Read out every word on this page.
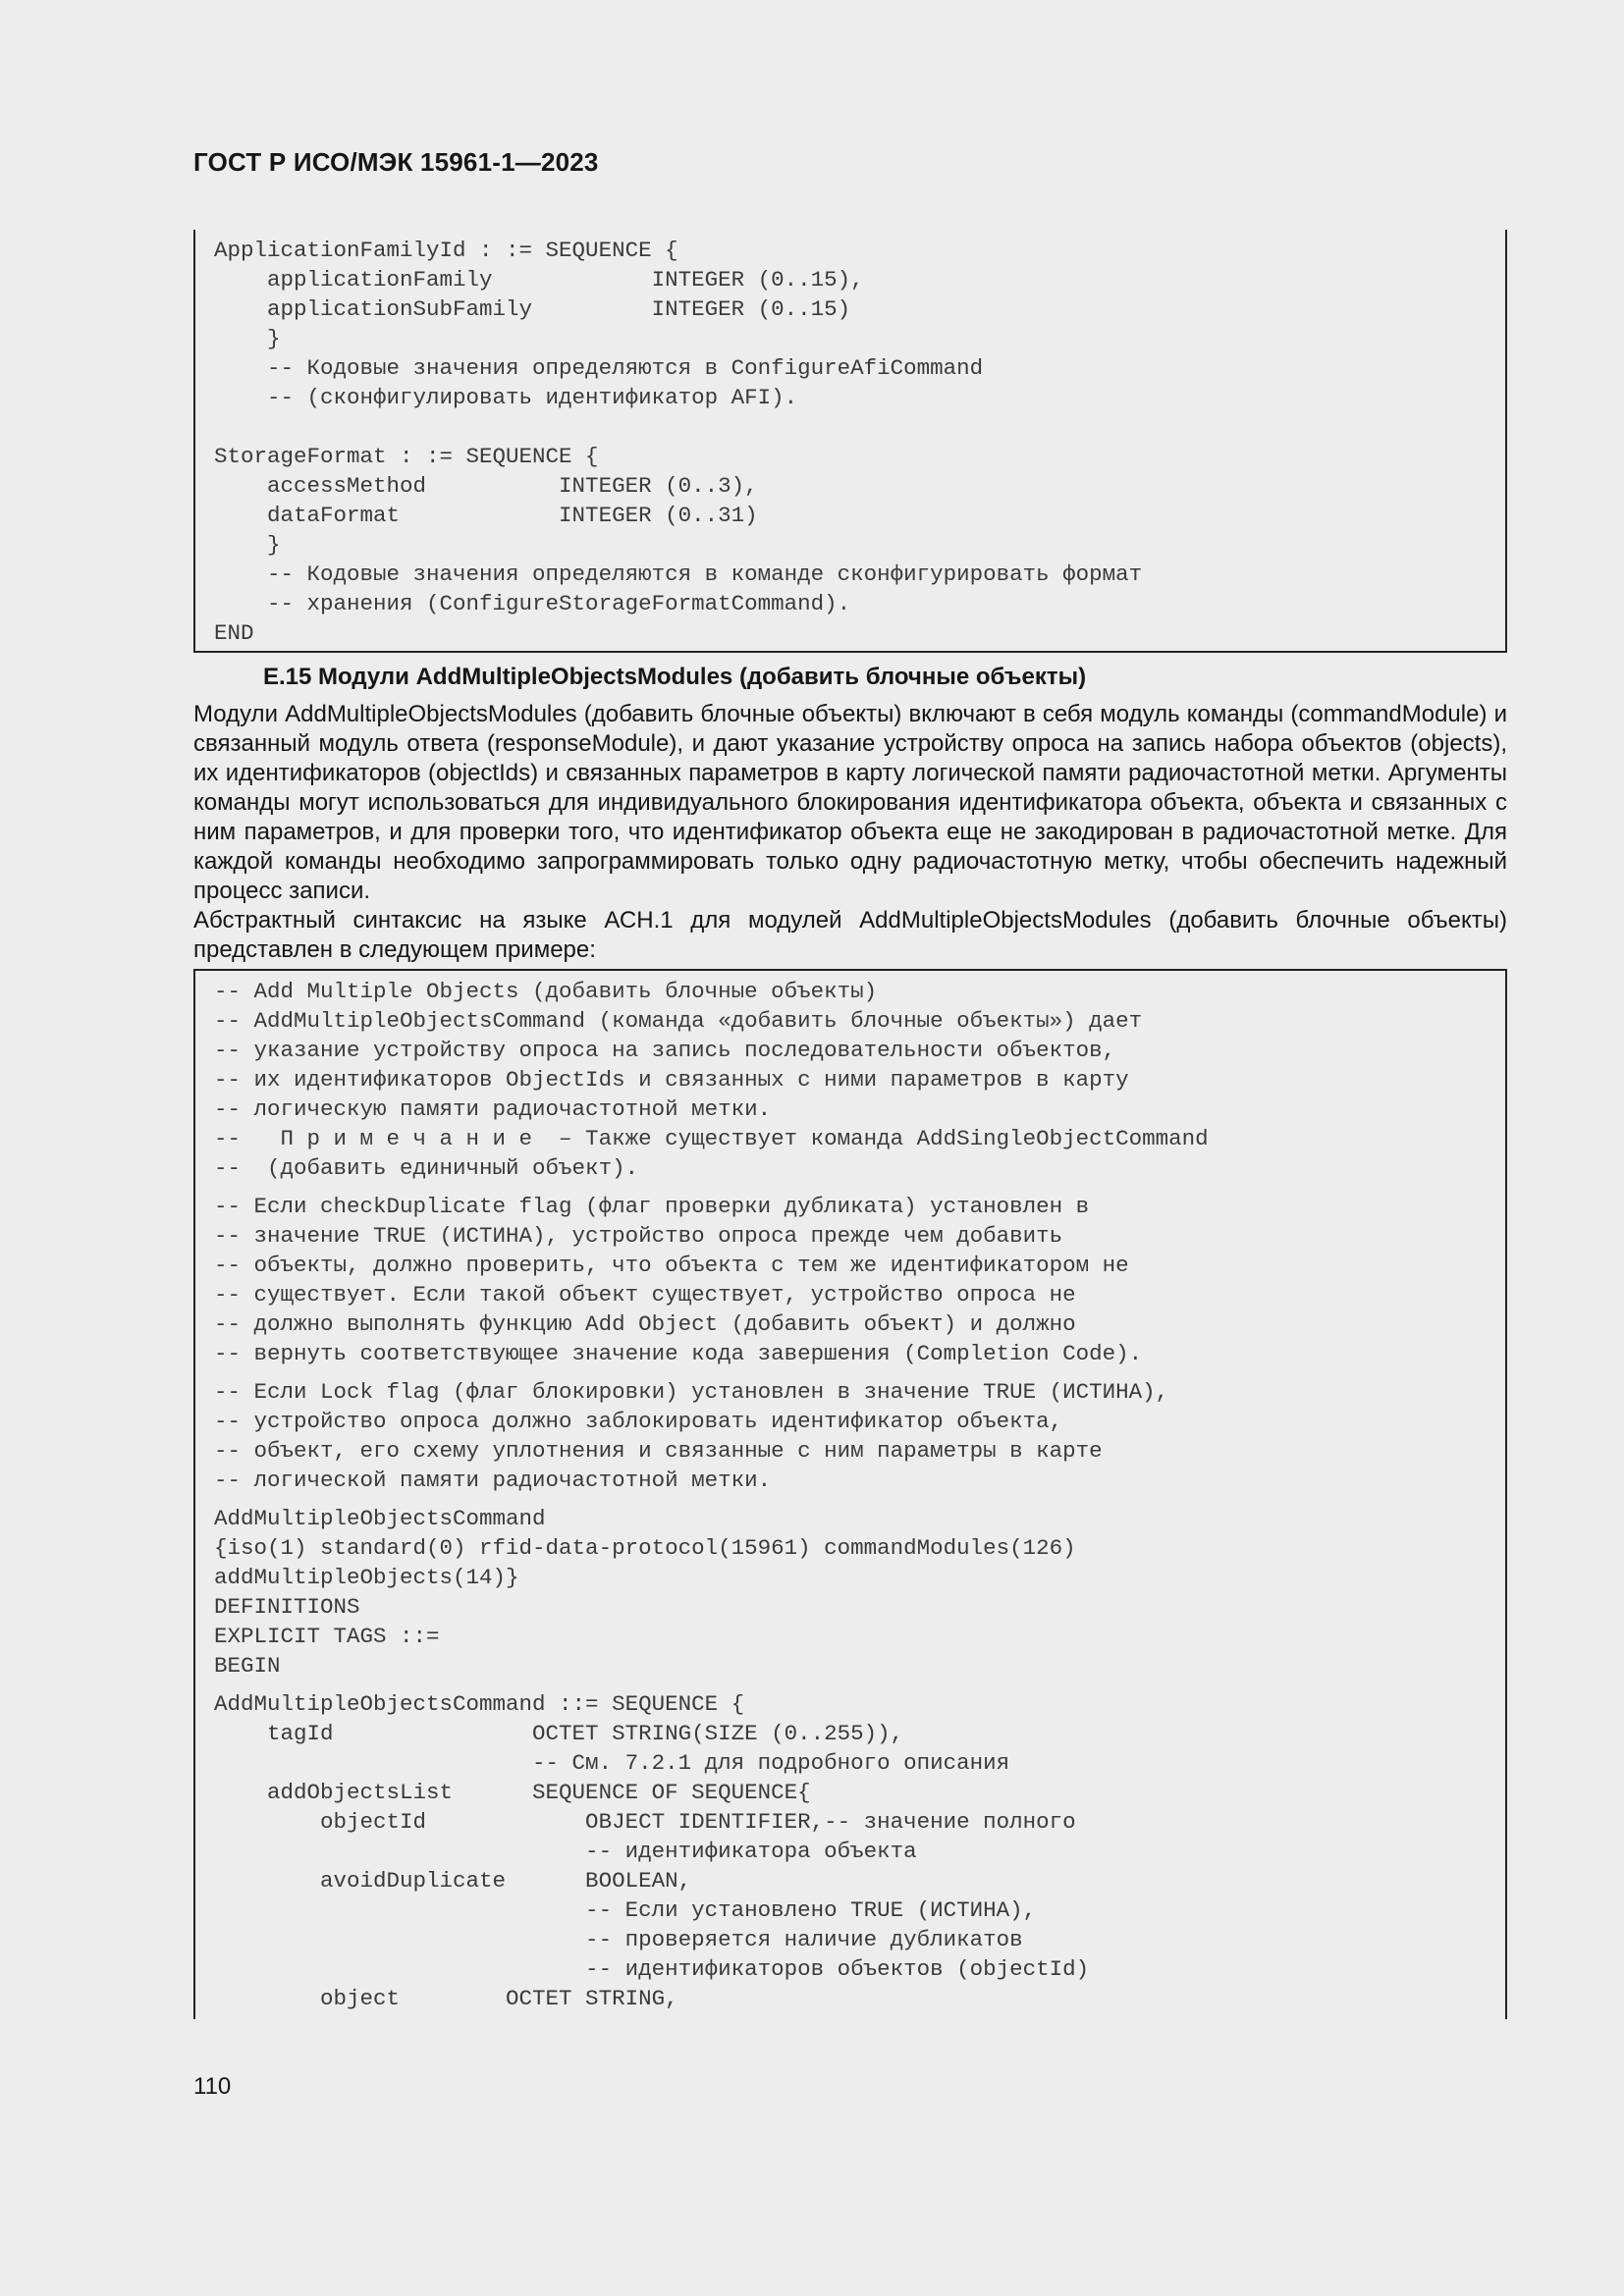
ГОСТ Р ИСО/МЭК 15961-1—2023
ApplicationFamilyId : := SEQUENCE {
applicationFamily            INTEGER (0..15),
applicationSubFamily         INTEGER (0..15)
}
-- Кодовые значения определяются в ConfigureAfiCommand
-- (сконфигулировать идентификатор AFI).
StorageFormat : := SEQUENCE {
accessMethod          INTEGER (0..3),
dataFormat            INTEGER (0..31)
}
-- Кодовые значения определяются в команде сконфигурировать формат
-- хранения (ConfigureStorageFormatCommand).
END
Е.15 Модули AddMultipleObjectsModules (добавить блочные объекты)
Модули AddMultipleObjectsModules (добавить блочные объекты) включают в себя модуль команды (commandModule) и связанный модуль ответа (responseModule), и дают указание устройству опроса на запись набора объектов (objects), их идентификаторов (objectIds) и связанных параметров в карту логической памяти радиочастотной метки. Аргументы команды могут использоваться для индивидуального блокирования идентификатора объекта, объекта и связанных с ним параметров, и для проверки того, что идентификатор объекта еще не закодирован в радиочастотной метке. Для каждой команды необходимо запрограммировать только одну радиочастотную метку, чтобы обеспечить надежный процесс записи.
Абстрактный синтаксис на языке АСН.1 для модулей AddMultipleObjectsModules (добавить блочные объекты) представлен в следующем примере:
-- Add Multiple Objects (добавить блочные объекты)
-- AddMultipleObjectsCommand (команда «добавить блочные объекты») дает
-- указание устройству опроса на запись последовательности объектов,
-- их идентификаторов ObjectIds и связанных с ними параметров в карту
-- логическую памяти радиочастотной метки.
--   П р и м е ч а н и е  – Также существует команда AddSingleObjectCommand
--  (добавить единичный объект).
-- Если checkDuplicate flag (флаг проверки дубликата) установлен в
-- значение TRUE (ИСТИНА), устройство опроса прежде чем добавить
-- объекты, должно проверить, что объекта с тем же идентификатором не
-- существует. Если такой объект существует, устройство опроса не
-- должно выполнять функцию Add Object (добавить объект) и должно
-- вернуть соответствующее значение кода завершения (Completion Code).
-- Если Lock flag (флаг блокировки) установлен в значение TRUE (ИСТИНА),
-- устройство опроса должно заблокировать идентификатор объекта,
-- объект, его схему уплотнения и связанные с ним параметры в карте
-- логической памяти радиочастотной метки.
AddMultipleObjectsCommand
{iso(1) standard(0) rfid-data-protocol(15961) commandModules(126)
addMultipleObjects(14)}
DEFINITIONS
EXPLICIT TAGS ::=
BEGIN
AddMultipleObjectsCommand ::= SEQUENCE {
tagId               OCTET STRING(SIZE (0..255)),
-- См. 7.2.1 для подробного описания
addObjectsList      SEQUENCE OF SEQUENCE{
objectId            OBJECT IDENTIFIER,-- значение полного
-- идентификатора объекта
avoidDuplicate      BOOLEAN,
-- Если установлено TRUE (ИСТИНА),
-- проверяется наличие дубликатов
-- идентификаторов объектов (objectId)
object        OCTET STRING,
110
